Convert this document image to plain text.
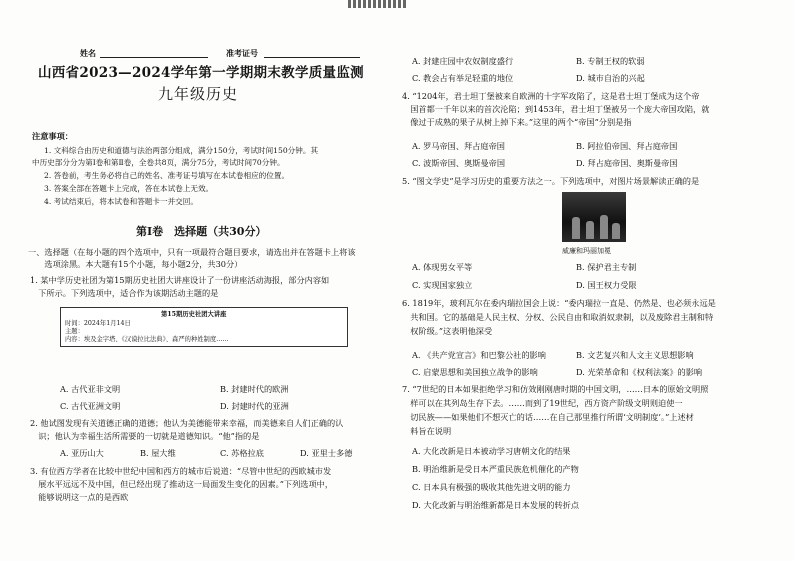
姓名	准考证号
山西省2023—2024学年第一学期期末教学质量监测
九年级历史
注意事项：
1. 文科综合由历史和道德与法治两部分组成，满分150分，考试时间150分钟。其
中历史部分分为第Ⅰ卷和第Ⅱ卷，全卷共8页，满分75分，考试时间70分钟。
2. 答卷前，考生务必将自己的姓名、准考证号填写在本试卷相应的位置。
3. 答案全部在答题卡上完成，答在本试卷上无效。
4. 考试结束后，将本试卷和答题卡一并交回。
第Ⅰ卷　选择题（共30分）
一、选择题（在每小题的四个选项中，只有一项最符合题目要求，请选出并在答题卡上将该
　　选项涂黑。本大题有15个小题，每小题2分，共30分）
1. 某中学历史社团为第15期历史社团大讲座设计了一份讲座活动海报，部分内容如
　下所示。下列选项中，适合作为该期活动主题的是
第15期历史社团大讲座
时间：2024年1月14日
主题：
内容：埃及金字塔、《汉谟拉比法典》、森严的种姓制度……
A. 古代亚非文明	B. 封建时代的欧洲
C. 古代亚洲文明	D. 封建时代的亚洲
2. 他试图发现有关道德正确的道德；他认为美德能带来幸福，而美德来自人们正确的认
　识；他认为幸福生活所需要的一切就是道德知识。“他”指的是
A. 亚历山大	B. 屋大维	C. 苏格拉底	D. 亚里士多德
3. 有位西方学者在比较中世纪中国和西方的城市后说道：“尽管中世纪的西欧城市发
　展水平远远不及中国，但已经出现了推动这一局面发生变化的因素。”下列选项中，
　能够说明这一点的是西欧
A. 封建庄园中农奴制度盛行	B. 专制王权的软弱
C. 教会占有举足轻重的地位	D. 城市自治的兴起
4. “1204年，君士坦丁堡被来自欧洲的十字军攻陷了，这是君士坦丁堡成为这个帝
　国首都一千年以来的首次沦陷；到1453年，君士坦丁堡被另一个庞大帝国攻陷，就
　像过于成熟的果子从树上掉下来。”这里的两个“帝国”分别是指
A. 罗马帝国、拜占庭帝国	B. 阿拉伯帝国、拜占庭帝国
C. 波斯帝国、奥斯曼帝国	D. 拜占庭帝国、奥斯曼帝国
5. “图文学史”是学习历史的重要方法之一。下列选项中，对图片场景解读正确的是
威廉和玛丽加冕
A. 体现男女平等	B. 保护君主专制
C. 实现国家独立	D. 国王权力受限
6. 1819年，玻利瓦尔在委内瑞拉国会上说：“委内瑞拉一直是、仍然是、也必须永远是
　共和国。它的基础是人民主权、分权、公民自由和取消奴隶制，以及废除君主制和特
　权阶级。”这表明他深受
A. 《共产党宣言》和巴黎公社的影响	B. 文艺复兴和人文主义思想影响
C. 启蒙思想和美国独立战争的影响	D. 光荣革命和《权利法案》的影响
7. “7世纪的日本如果拒绝学习和仿效刚刚唐时期的中国文明，……日本的原始文明照
　样可以在其列岛生存下去。……而到了19世纪，西方资产阶级文明则迫使一
　切民族——如果他们不想灭亡的话……在自己那里推行所谓‘文明制度’。”上述材
　料旨在说明
A. 大化改新是日本被动学习唐朝文化的结果
B. 明治维新是受日本严重民族危机催化的产物
C. 日本具有极强的吸收其他先进文明的能力
D. 大化改新与明治维新都是日本发展的转折点
